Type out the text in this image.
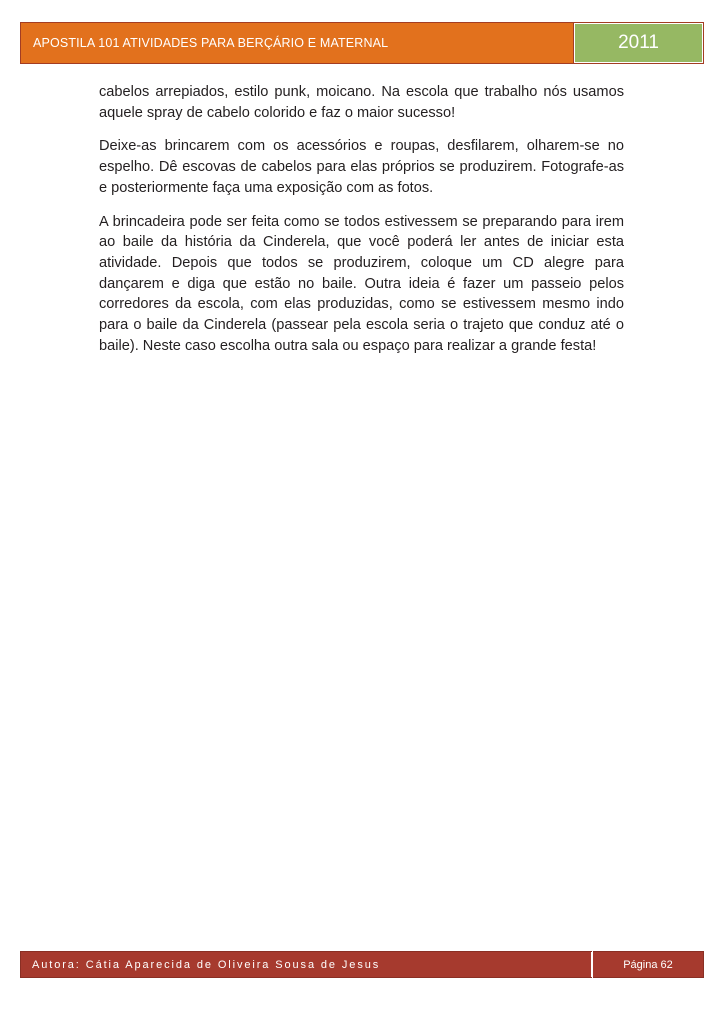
APOSTILA 101 ATIVIDADES PARA BERÇÁRIO E MATERNAL	2011

cabelos arrepiados, estilo punk, moicano. Na escola que trabalho nós usamos aquele spray de cabelo colorido e faz o maior sucesso!

Deixe-as brincarem com os acessórios e roupas, desfilarem, olharem-se no espelho. Dê escovas de cabelos para elas próprios se produzirem. Fotografe-as e posteriormente faça uma exposição com as fotos.

A brincadeira pode ser feita como se todos estivessem se preparando para irem ao baile da história da Cinderela, que você poderá ler antes de iniciar esta atividade. Depois que todos se produzirem, coloque um CD alegre para dançarem e diga que estão no baile. Outra ideia é fazer um passeio pelos corredores da escola, com elas produzidas, como se estivessem mesmo indo para o baile da Cinderela (passear pela escola seria o trajeto que conduz até o baile). Neste caso escolha outra sala ou espaço para realizar a grande festa!

Autora: Cátia Aparecida de Oliveira Sousa de Jesus	Página 62
